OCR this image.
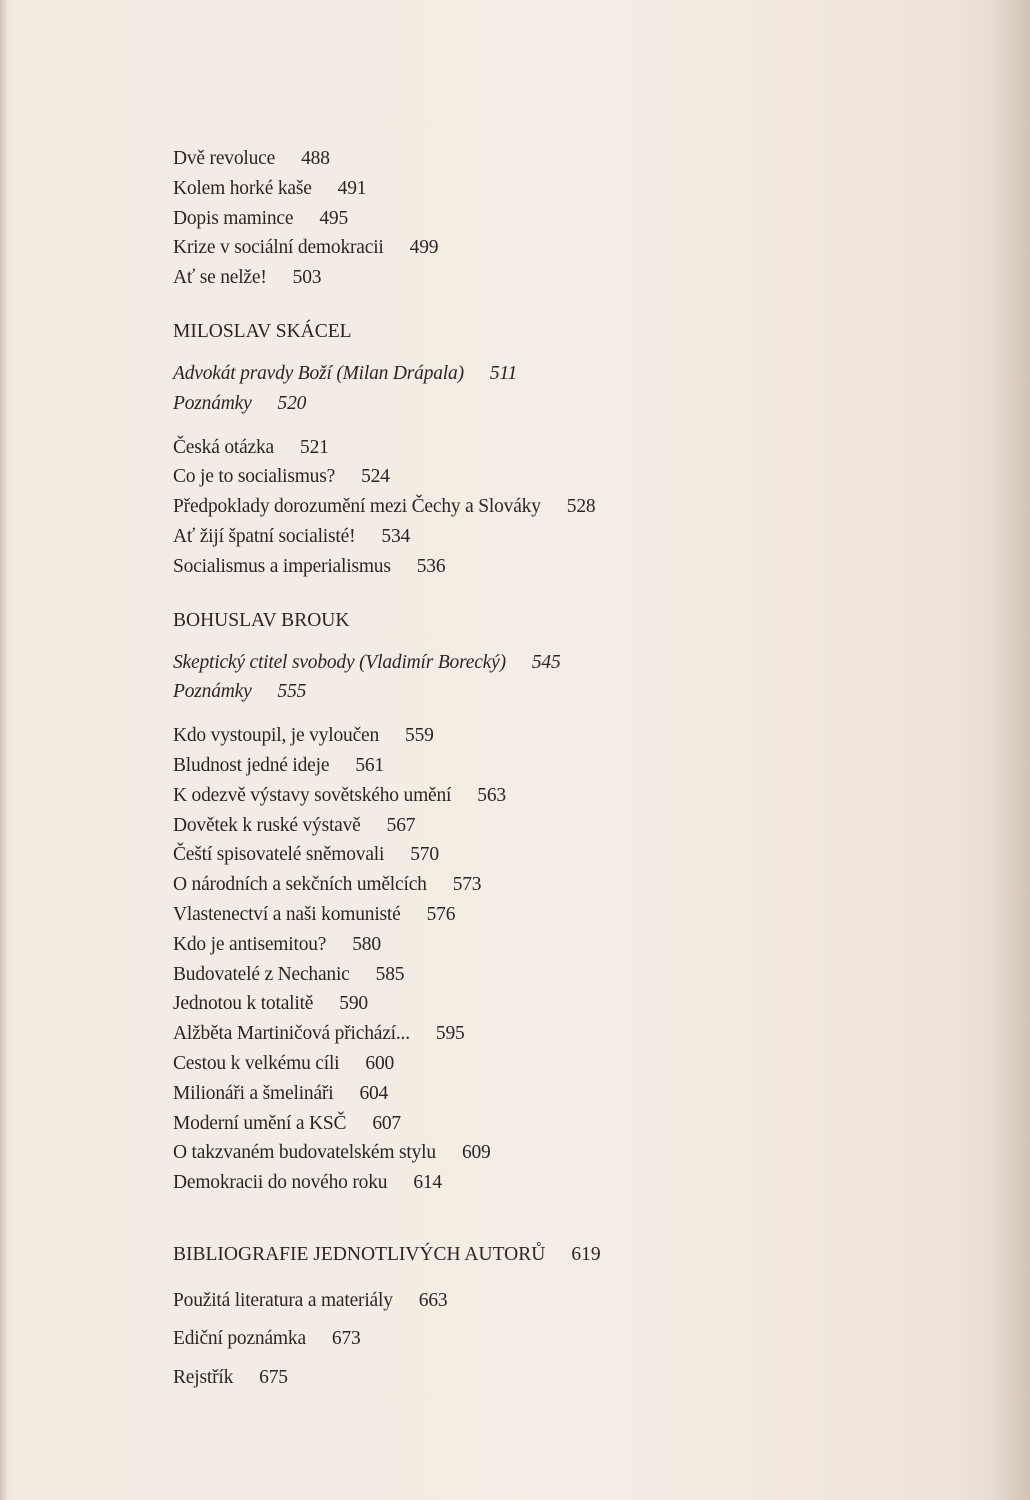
Dvě revoluce 488
Kolem horké kaše 491
Dopis mamince 495
Krize v sociální demokracii 499
Ať se nelže! 503
MILOSLAV SKÁCEL
Advokát pravdy Boží (Milan Drápala) 511
Poznámky 520
Česká otázka 521
Co je to socialismus? 524
Předpoklady dorozumění mezi Čechy a Slováky 528
Ať žijí špatní socialisté! 534
Socialismus a imperialismus 536
BOHUSLAV BROUK
Skeptický ctitel svobody (Vladimír Borecký) 545
Poznámky 555
Kdo vystoupil, je vyloučen 559
Bludnost jedné ideje 561
K odezvě výstavy sovětského umění 563
Dovětek k ruské výstavě 567
Čeští spisovatelé sněmovali 570
O národních a sekčních umělcích 573
Vlastenectví a naši komunisté 576
Kdo je antisemitou? 580
Budovatelé z Nechanic 585
Jednotou k totalitě 590
Alžběta Martiničová přichází... 595
Cestou k velkému cíli 600
Milionáři a šmelináři 604
Moderní umění a KSČ 607
O takzvaném budovatelském stylu 609
Demokracii do nového roku 614
BIBLIOGRAFIE JEDNOTLIVÝCH AUTORŮ 619
Použitá literatura a materiály 663
Ediční poznámka 673
Rejstřík 675
